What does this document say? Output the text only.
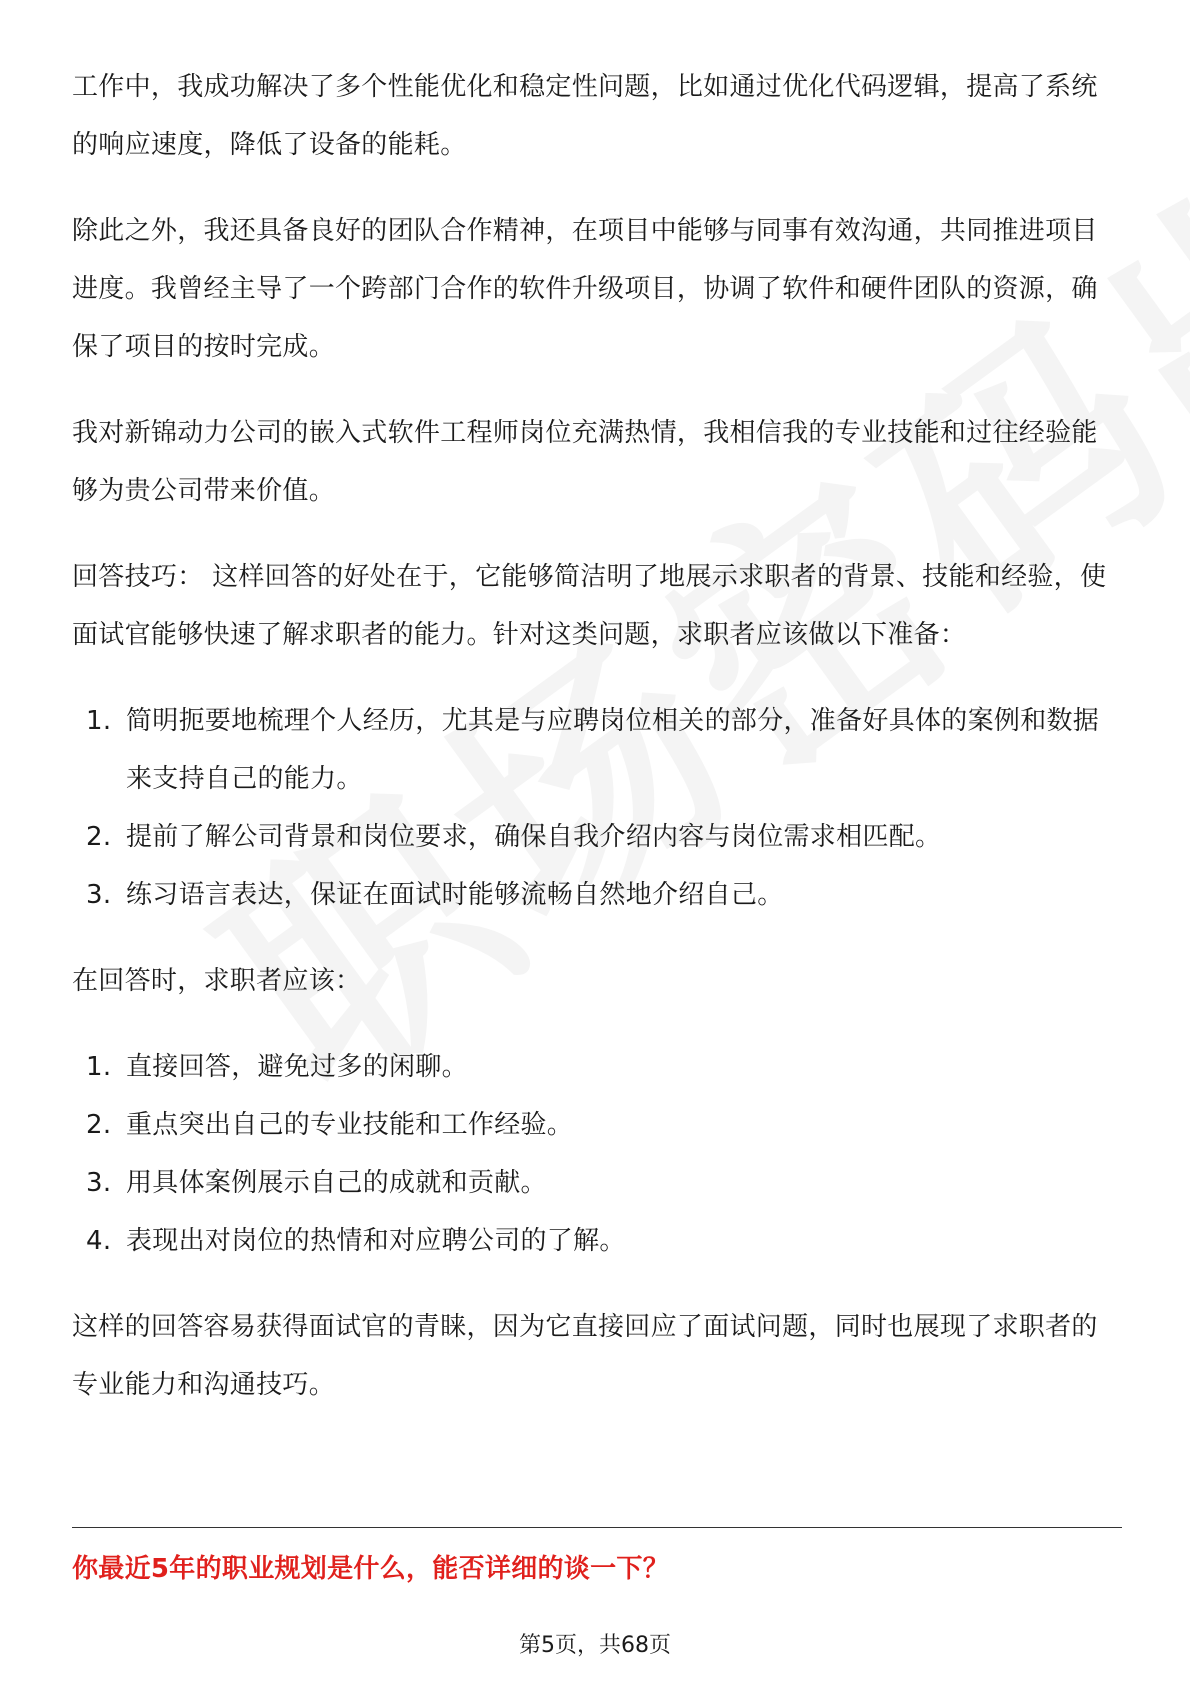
工作中，我成功解决了多个性能优化和稳定性问题，比如通过优化代码逻辑，提高了系统的响应速度，降低了设备的能耗。

除此之外，我还具备良好的团队合作精神，在项目中能够与同事有效沟通，共同推进项目进度。我曾经主导了一个跨部门合作的软件升级项目，协调了软件和硬件团队的资源，确保了项目的按时完成。

我对新锦动力公司的嵌入式软件工程师岗位充满热情，我相信我的专业技能和过往经验能够为贵公司带来价值。

回答技巧： 这样回答的好处在于，它能够简洁明了地展示求职者的背景、技能和经验，使面试官能够快速了解求职者的能力。针对这类问题，求职者应该做以下准备：

1. 简明扼要地梳理个人经历，尤其是与应聘岗位相关的部分，准备好具体的案例和数据来支持自己的能力。
2. 提前了解公司背景和岗位要求，确保自我介绍内容与岗位需求相匹配。
3. 练习语言表达，保证在面试时能够流畅自然地介绍自己。

在回答时，求职者应该：

1. 直接回答，避免过多的闲聊。
2. 重点突出自己的专业技能和工作经验。
3. 用具体案例展示自己的成就和贡献。
4. 表现出对岗位的热情和对应聘公司的了解。

这样的回答容易获得面试官的青睐，因为它直接回应了面试问题，同时也展现了求职者的专业能力和沟通技巧。

你最近5年的职业规划是什么，能否详细的谈一下？
第5页，共68页
